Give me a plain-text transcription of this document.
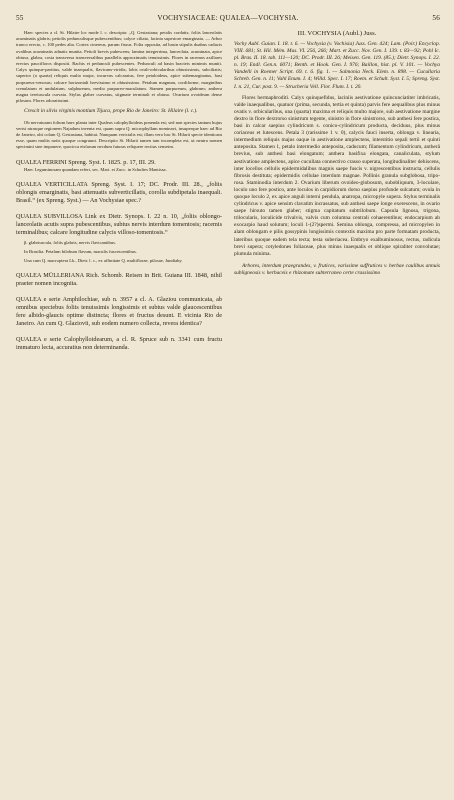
55	VOCHYSIACEAE: QUALEA—VOCHYSIA.	56

Haec species a cl. St. Hilaire loc mode l. c. descripta: „Q. Gestasiana; petalis cordatis; foliis lanceolatis acuminatis glabris; petiolis pedunculisque pubescentibus; calyce ciliato, lacinia superiore emarginata. — Arbor trunco erecto, c. 100 pedes alta. Cortex cinereus, parum fissus. Folia opposita, ad basin stipulis duabus caducis ovalibus acuminatis adnatis munita. Petioli brevis pubescens; lamina integerrima, lanceolata, acuminata, apice obtusa, glabra, costa transversa transversalibus parallelis approximatis tenuissimis. Flores in racemos axillares erectos paucifloros dispositi. Rachis et pedunculi pubescentes. Pedunculi ad basin bracteis minimis muniti. Calyx quinque-partitus, valde inaequalis, flavicans-viridis; lobis ovali-orbicularibus obtusissimis, subciliatis; superior (a quarta) reliquis multo major, incurvus calcaratus, fere petaloideus, apice subemarginatus, basi purpureus-venosus; calcare horizontali brevissimo et obtusissimo. Petalum magnum, cordiforme, marginibus crenulatum et undulatum, sulphureum, medio purpureo-maculatum. Stamen purpureum, glabrum; anthera magna tereiuscula curvata. Stylus glaber curvatus, stigmate terminali et obtuso. Ovarium ovoideum dense pilosum. Flores odoratissimi.

Crescit in silvis virginis montium Tijuca, prope Rio de Janeiro: St. Hilaire (l. c.).

Ob nervaturam folium haec planta inter Qualeas calophylloideas ponenda est; sed non species tantum hujus verisi ntrasque regionem Najadum inventa est, quam supra Q. microphyllam nominavi, insuperque haec ad Rio de Janeiro, ubi colam Q. Gestasiana, habitat. Nunquam vertcialis est; illam vero hac St. Hilarii specie identicam esse, quam multis notis quoque congruunt. Descriptio St. Hilarii tamen tam incompleta est, ut neutra nomen specimini sine imponere, quocirca eisfarum necdum futuras reliquere rectius censeim.

QUALEA FERRINI Spreng. Syst. I. 1825. p. 17, III. 29.

Haec Leguminosam quandam refert, sec. Mart. et Zucc. in Schultes Mantissa.

QUALEA VERTICILLATA Spreng. Syst. I. 17; DC. Prodr. III. 28., „foliis oblongis emarginatis, basi attenuatis subverticillatis, corolla subdipetala inaequali. Brasil.“ (ex Spreng. Syst.) — An Vochysiae spec.?

QUALEA SUBVILLOSA Link ex Dietr. Synops. I. 22 n. 10, „foliis oblongo-lanceolatis acutis supra pubescentibus, subtus nervis interdum tomentosis; racemis terminalibus; calcare longitudine calycis villoso-tomentosis.“

β. glabriuscula, foliis glabris, nervis flavicantibus.

In Brasilia. Petalum bilobum flavum, maculis fuscescentibus.

Una cum Q. macroptera Lk., Dietr. l. c., ex affinitate Q. multiflorae, pilosae, Jundiahy.

QUALEA MÜLLERIANA Rich. Schomb. Reisen in Brit. Guiana III. 1848, nihil praeter nomen incognita.

QUALEA e serie Amphilochiae, sub n. 3957 a cl. A. Glaziou communicata, ab omnibus speciebus foliis tenuissimis longissimis et subtus valde glaucescentibus fere albido-glaucis optime distincta; flores et fructus desunt. E vicinia Rio de Janeiro. An cum Q. Glaziovii, sub eodem numero collecta, revera identica?

QUALEA e serie Calophylloidearum, a cl. R. Spruce sub n. 3341 cum fructu immaturo lecta, accuratius non determinanda.

III. VOCHYSIA (Aubl.) Juss.

Vochy Aubl. Guian. I. 18. t. 6. — Vochysia (v. Vochisia) Juss. Gen. 424; Lam. (Poir.) Encyclop. VIII. 681; St. Hil. Mém. Mus. VI. 256, 266; Mart. et Zucc. Nov. Gen. I. 139. t. 83—92; Pohl Ic. pl. Bras. II. 18. tab. 111—120; DC. Prodr. III. 26; Meisen. Gen. 119. (85.); Dietr. Synops. I. 22. n. 19; Endl. Gen.n. 6071; Benth. et Hook. Gen. I. 976; Baillon, hist. pl. V. 101. — Vochya Vandelli in Roemer Script. 69. t. 6. fig. 1. — Salmonia Neck. Elem. n. 898. — Cucullaria Schreb. Gen. n. 11; Vahl Enum. I. 4; Willd. Spec. I. 17; Roem. et Schult. Syst. I. 5; Spreng. Syst. I. n. 21, Cur. post. 9. — Strucheria Vell. Flor. Flum. I. t. 20.

Flores hermaphroditi. Calyx quinquefidus, laciniis aestivatione quincunciatiter imbricatis, valde inaequalibus, quatuor (prima, secunda, tertia et quinta) parvis fere aequalibus plus minus ovatis v. orbicularibus, una (quarta) maxima et reliquis multo majore, sub aestivatione margine dextro in flore dextrorso sinistrum tegente, sinistro in flore sinistrorso, sub anthesi fere postica, basi in calcar saepius cylindricum s. conico-cylindricum producta, deciduus, plus minus coriaceus et lutescens. Petala 3 (rarissime 1 v. 0), calycis fauci inserta, oblonga v. linearia, intermedium reliquis majus oaque in aestivatione amplectens, interstitio sepali tertii et quinti anteposita. Stamen 1, petalo intermedio anteposita, caducum; filamentum cylindricum, antherâ brevius, sub anthesi basi elongatum; anthera basifixa elongata, canaliculata, stylum aestivatione amplectens, apice cucullata connectivo crasso superata, longitudinaliter dehiscens, inter locellos cellulis epidermidalibus magnis saepe fuscis v. nigrescentibus instructa, cellulis fibrosis destituta; epidermidis cellulae interdum magnae. Pollinis granula subglobosa, tripo-rosa. Staminodia interdum 2. Ovarium liberum ovoideo-globosum, subobliquum, 3-loculare, loculo uno fere postico, ante loculos in carpidiorum dorso saepius profunde sulcatum; ovula in quoque loculo 2, ex apice anguli interni pendula, anatropa, micropyle supera. Stylus terminalis cylindricus v. apice sensim clavatim incrassatus, sub anthesi saepe longe exerescens, in ovario saepe hirsuto tamen glaber; stigma capitatum subtrilobum. Capsula lignosa, trigona, trilocularis, loculicide trivalvis, valvis cum columna centrali cohaerentibus; endocarpium ab exocarpio haud solutum; loculi 1-(2?)spermi. Semina oblonga, compressa, ad micropylen in alam oblongam e pilis gossypinis longissimis contextis maxima pro parte formatam producta, lateribus quoque eadem tela tecta; testa suberiacea. Embryo exalbuminosus, rectus, radicula brevi supera; cotyledones foliaceae, plus minus inaequalis et oblique spiraliter convolutae; plumula minima.

Arbores, interdum praegrandes, v. frutices, varissime suffrutices v. herbae caulibus annuis subligneosis v. herbaceis e rhizomate subterraneo certe crassissimo
